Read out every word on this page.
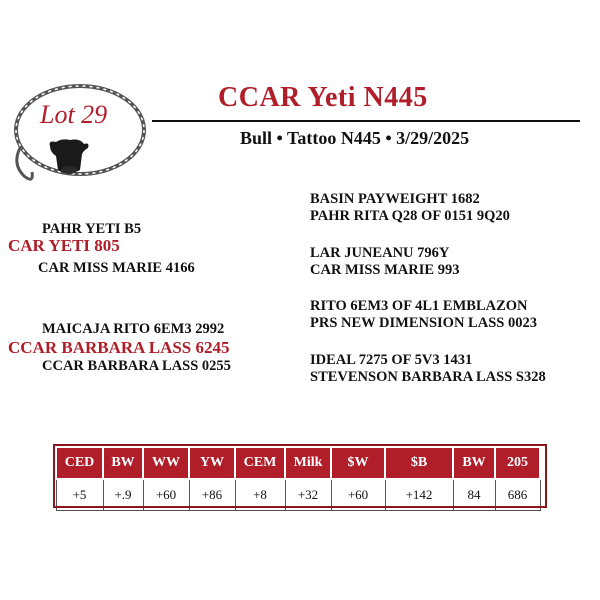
Lot 29
CCAR Yeti N445
Bull • Tattoo N445 • 3/29/2025
PAHR YETI B5
CAR YETI 805
CAR MISS MARIE 4166
BASIN PAYWEIGHT 1682
PAHR RITA Q28 OF 0151 9Q20
LAR JUNEANU 796Y
CAR MISS MARIE 993
MAICAJA RITO 6EM3 2992
CCAR BARBARA LASS 6245
CCAR BARBARA LASS 0255
RITO 6EM3 OF 4L1 EMBLAZON
PRS NEW DIMENSION LASS 0023
IDEAL 7275 OF 5V3 1431
STEVENSON BARBARA LASS S328
CED	BW	WW	YW	CEM	Milk	$W	$B	BW	205
+5	+.9	+60	+86	+8	+32	+60	+142	84	686
